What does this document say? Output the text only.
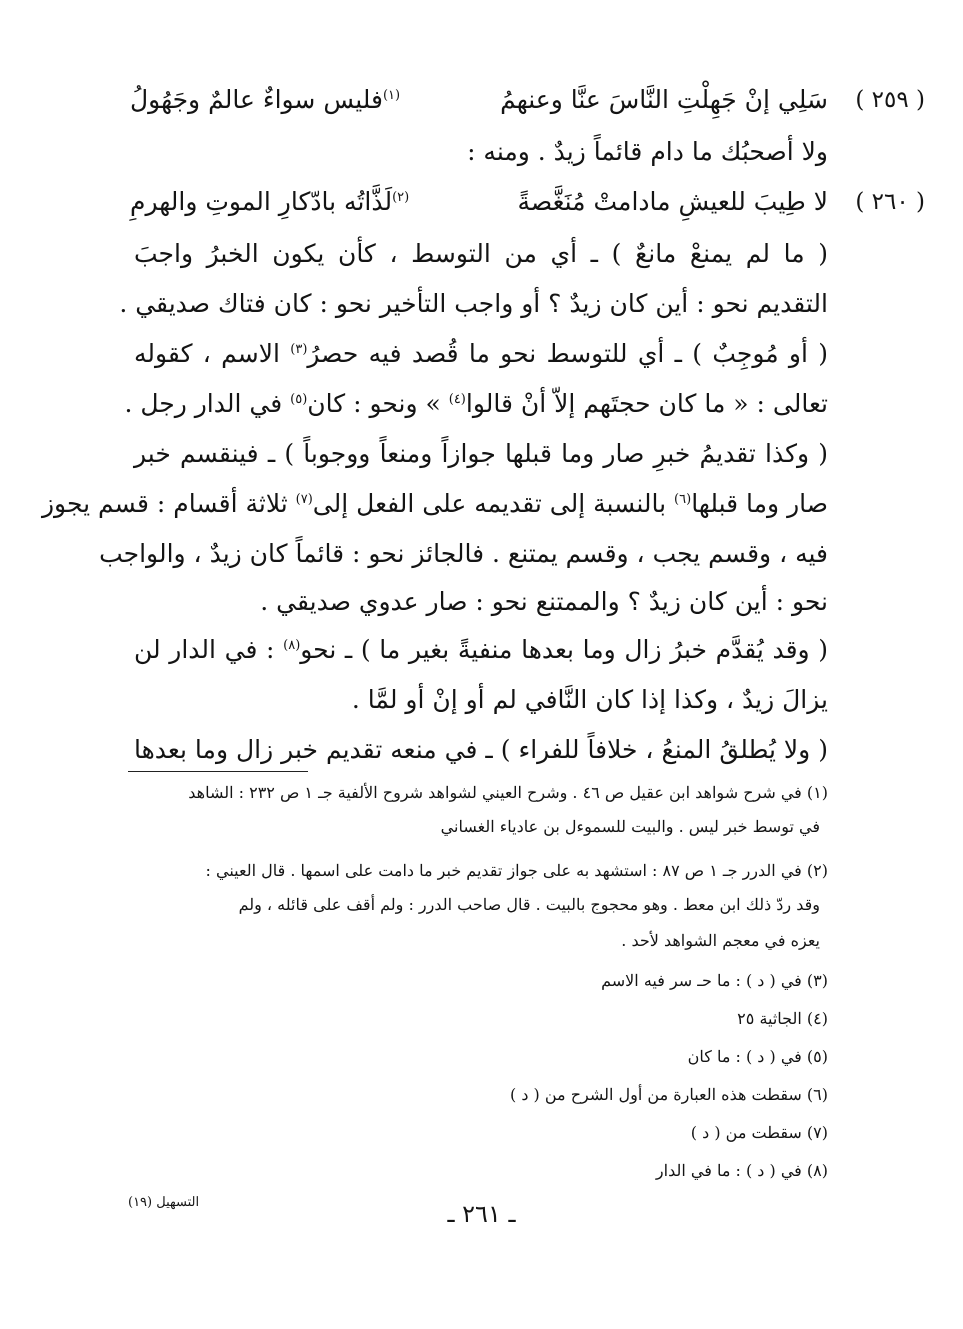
( ٢٥٩ )
سَلِي إنْ جَهِلْتِ النَّاسَ عنَّا وعنهمُ
$^{(١)}$فليس سواءٌ عالمٌ وجَهُولُ
ولا أصحبُك ما دام قائماً زيدٌ . ومنه :
( ٢٦٠ )
لا طِيبَ للعيشِ مادامتْ مُنَغَّصةً
$^{(٢)}$لَذَّاتُه بادّكارِ الموتِ والهرمِ
( ما لم يمنعْ مانعٌ ) ـ أي من التوسط ، كأن يكون الخبرُ واجبَ
التقديم نحو : أين كان زيدٌ ؟ أو واجب التأخير نحو : كان فتاك صديقي .
( أو مُوجِبٌ ) ـ أي للتوسط نحو ما قُصد فيه حصرُ$^{(٣)}$ الاسم ، كقوله
تعالى : « ما كان حجتَهم إلاّ أنْ قالوا$^{(٤)}$ » ونحو : كان$^{(٥)}$ في الدار رجل .
( وكذا تقديمُ خبرِ صار وما قبلها جوازاً ومنعاً ووجوباً ) ـ فينقسم خبر
صار وما قبلها$^{(٦)}$ بالنسبة إلى تقديمه على الفعل إلى$^{(٧)}$ ثلاثة أقسام : قسم يجوز
فيه ، وقسم يجب ، وقسم يمتنع . فالجائز نحو : قائماً كان زيدٌ ، والواجب
نحو : أين كان زيدٌ ؟ والممتنع نحو : صار عدوي صديقي .
( وقد يُقدَّم خبرُ زال وما بعدها منفيةً بغير ما ) ـ نحو$^{(٨)}$ : في الدار لن
يزالَ زيدٌ ، وكذا إذا كان النَّافي لم أو إنْ أو لمَّا .
( ولا يُطلقُ المنعُ ، خلافاً للفراء ) ـ في منعه تقديم خبر زال وما بعدها
(١) في شرح شواهد ابن عقيل ص ٤٦ . وشرح العيني لشواهد شروح الألفية جـ ١ ص ٢٣٢ : الشاهد
في توسط خبر ليس . والبيت للسموءل بن عادياء الغساني
(٢) في الدرر جـ ١ ص ٨٧ : استشهد به على جواز تقديم خبر ما دامت على اسمها . قال العيني :
وقد ردّ ذلك ابن معط . وهو محجوج بالبيت . قال صاحب الدرر : ولم أقف على قائله ، ولم
يعزه في معجم الشواهد لأحد .
(٣) في ( د ) : ما حـ سر فيه الاسم
(٤) الجاثية ٢٥
(٥) في ( د ) : ما كان
(٦) سقطت هذه العبارة من أول الشرح من ( د )
(٧) سقطت من ( د )
(٨) في ( د ) : ما في الدار
التسهيل (١٩)	ـ ٢٦١ ـ
